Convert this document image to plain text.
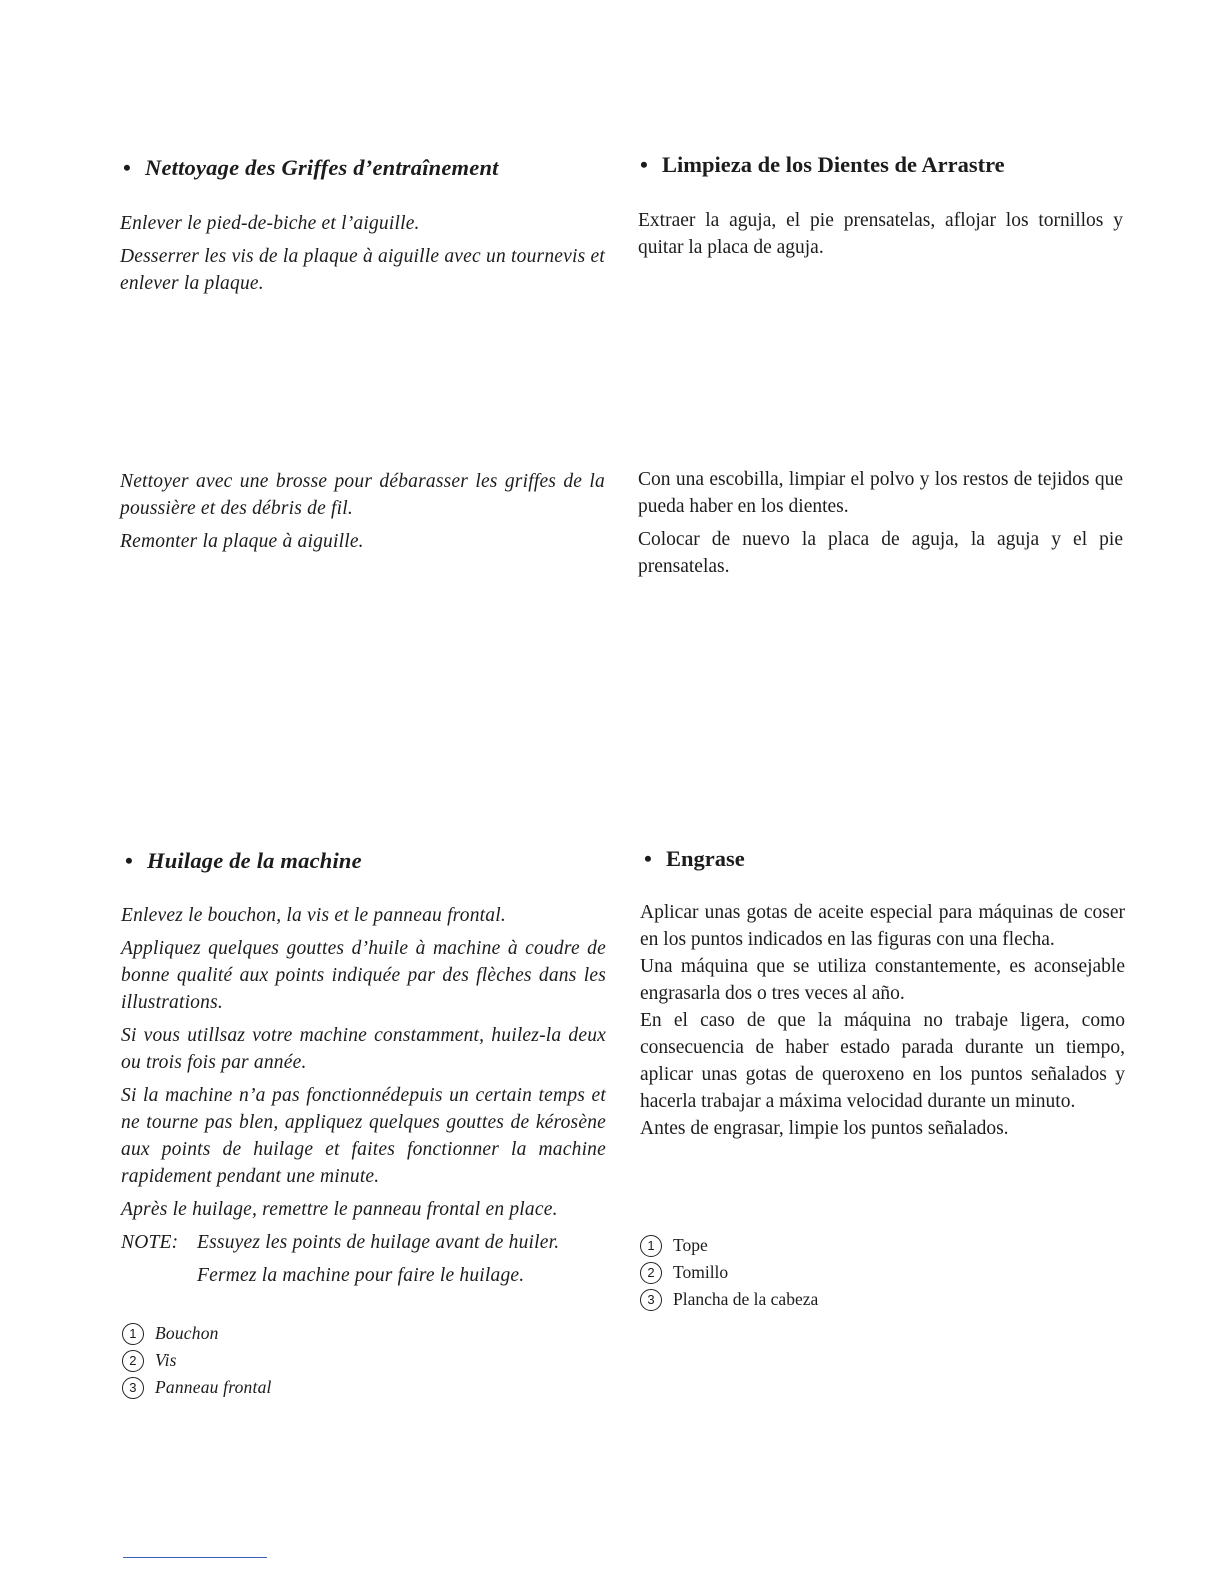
• Nettoyage des Griffes d’entraînement

Enlever le pied-de-biche et l’aiguille.

Desserrer les vis de la plaque à aiguille avec un tournevis et enlever la plaque.

Nettoyer avec une brosse pour débarasser les griffes de la poussière et des débris de fil.

Remonter la plaque à aiguille.

• Limpieza de los Dientes de Arrastre

Extraer la aguja, el pie prensatelas, aflojar los tornillos y quitar la placa de aguja.

Con una escobilla, limpiar el polvo y los restos de tejidos que pueda haber en los dientes.

Colocar de nuevo la placa de aguja, la aguja y el pie prensatelas.

• Huilage de la machine

Enlevez le bouchon, la vis et le panneau frontal.

Appliquez quelques gouttes d’huile à machine à coudre de bonne qualité aux points indiquée par des flèches dans les illustrations.

Si vous utillsaz votre machine constamment, huilez-la deux ou trois fois par année.

Si la machine n’a pas fonctionnédepuis un certain temps et ne tourne pas blen, appliquez quelques gouttes de kérosène aux points de huilage et faites fonctionner la machine rapidement pendant une minute.

Après le huilage, remettre le panneau frontal en place.

NOTE: Essuyez les points de huilage avant de huiler.
Fermez la machine pour faire le huilage.
1	Bouchon
2	Vis
3	Panneau frontal
• Engrase

Aplicar unas gotas de aceite especial para máquinas de coser en los puntos indicados en las figuras con una flecha.

Una máquina que se utiliza constantemente, es aconsejable engrasarla dos o tres veces al año.

En el caso de que la máquina no trabaje ligera, como consecuencia de haber estado parada durante un tiempo, aplicar unas gotas de queroxeno en los puntos señalados y hacerla trabajar a máxima velocidad durante un minuto.

Antes de engrasar, limpie los puntos señalados.

1	Tope
2	Tomillo
3	Plancha de la cabeza
